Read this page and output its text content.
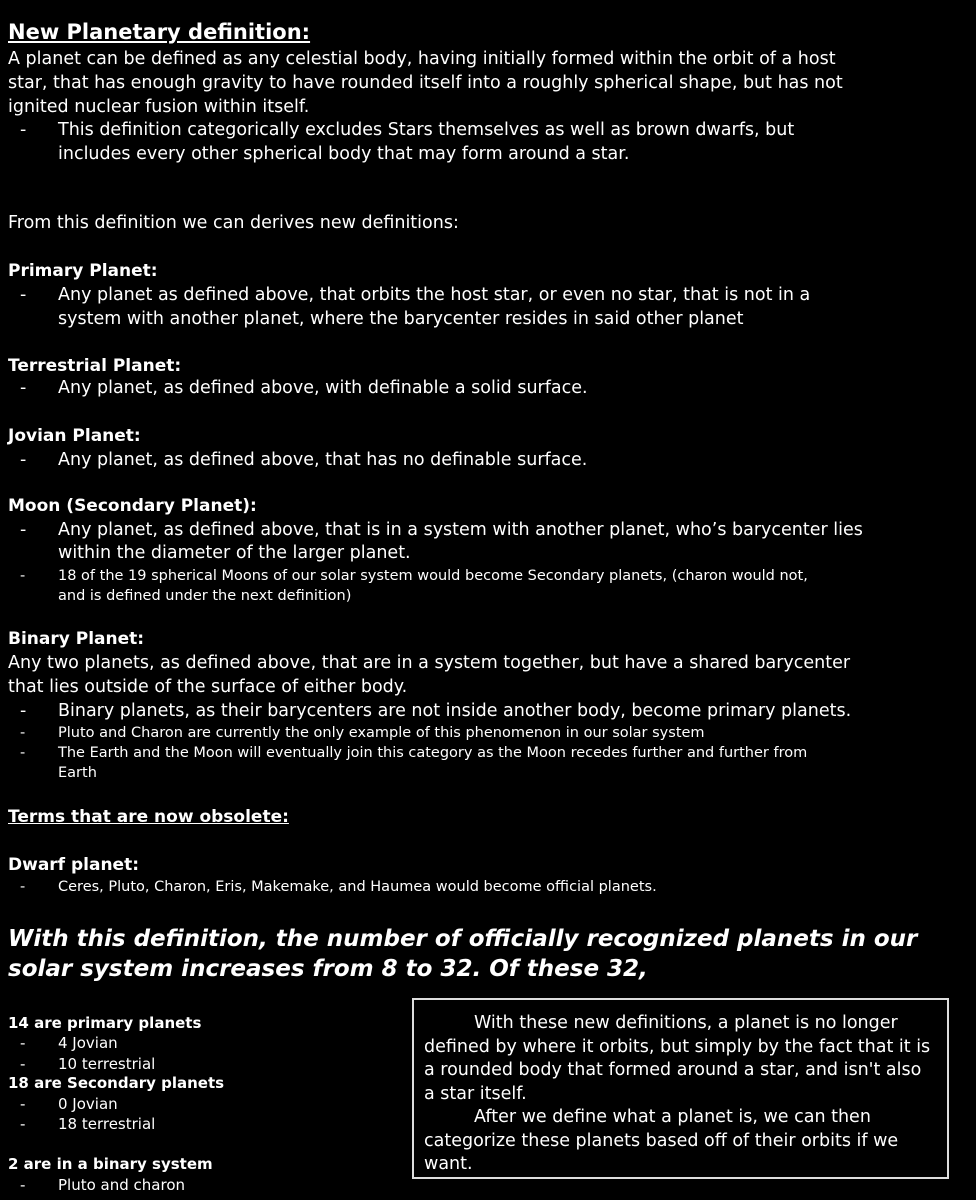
New Planetary definition:
A planet can be defined as any celestial body, having initially formed within the orbit of a host
star, that has enough gravity to have rounded itself into a roughly spherical shape, but has not
ignited nuclear fusion within itself.
- This definition categorically excludes Stars themselves as well as brown dwarfs, but
includes every other spherical body that may form around a star.
From this definition we can derives new definitions:
Primary Planet:
- Any planet as defined above, that orbits the host star, or even no star, that is not in a
system with another planet, where the barycenter resides in said other planet
Terrestrial Planet:
- Any planet, as defined above, with definable a solid surface.
Jovian Planet:
- Any planet, as defined above, that has no definable surface.
Moon (Secondary Planet):
- Any planet, as defined above, that is in a system with another planet, who’s barycenter lies
within the diameter of the larger planet.
- 18 of the 19 spherical Moons of our solar system would become Secondary planets, (charon would not,
and is defined under the next definition)
Binary Planet:
Any two planets, as defined above, that are in a system together, but have a shared barycenter
that lies outside of the surface of either body.
- Binary planets, as their barycenters are not inside another body, become primary planets.
- Pluto and Charon are currently the only example of this phenomenon in our solar system
- The Earth and the Moon will eventually join this category as the Moon recedes further and further from
Earth
Terms that are now obsolete:
Dwarf planet:
- Ceres, Pluto, Charon, Eris, Makemake, and Haumea would become official planets.
With this definition, the number of officially recognized planets in our
solar system increases from 8 to 32. Of these 32,
14 are primary planets
- 4 Jovian
- 10 terrestrial
18 are Secondary planets
- 0 Jovian
- 18 terrestrial
2 are in a binary system
- Pluto and charon

With these new definitions, a planet is no longer defined by where it orbits, but simply by the fact that it is a rounded body that formed around a star, and isn't also a star itself.

After we define what a planet is, we can then categorize these planets based off of their orbits if we want.
